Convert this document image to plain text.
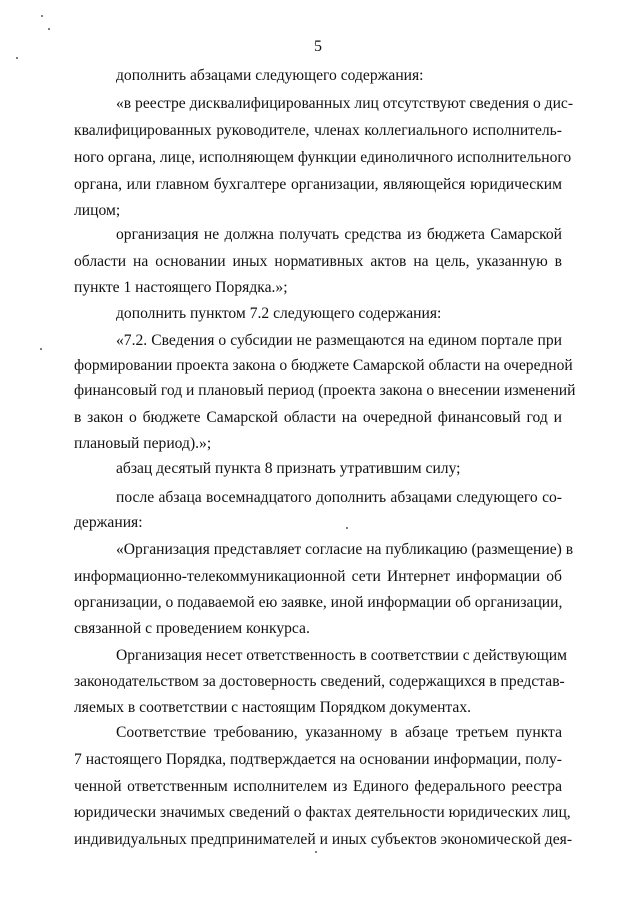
5
дополнить абзацами следующего содержания:
«в реестре дисквалифицированных лиц отсутствуют сведения о дис-
квалифицированных руководителе, членах коллегиального исполнитель-
ного органа, лице, исполняющем функции единоличного исполнительного
органа, или главном бухгалтере организации, являющейся юридическим
лицом;
организация не должна получать средства из бюджета Самарской
области на основании иных нормативных актов на цель, указанную в
пункте 1 настоящего Порядка.»;
дополнить пунктом 7.2 следующего содержания:
«7.2. Сведения о субсидии не размещаются на едином портале при
формировании проекта закона о бюджете Самарской области на очередной
финансовый год и плановый период (проекта закона о внесении изменений
в закон о бюджете Самарской области на очередной финансовый год и
плановый период).»;
абзац десятый пункта 8 признать утратившим силу;
после абзаца восемнадцатого дополнить абзацами следующего со-
держания:
«Организация представляет согласие на публикацию (размещение) в
информационно-телекоммуникационной сети Интернет информации об
организации, о подаваемой ею заявке, иной информации об организации,
связанной с проведением конкурса.
Организация несет ответственность в соответствии с действующим
законодательством за достоверность сведений, содержащихся в представ-
ляемых в соответствии с настоящим Порядком документах.
Соответствие требованию, указанному в абзаце третьем пункта
7 настоящего Порядка, подтверждается на основании информации, полу-
ченной ответственным исполнителем из Единого федерального реестра
юридически значимых сведений о фактах деятельности юридических лиц,
индивидуальных предпринимателей и иных субъектов экономической дея-
